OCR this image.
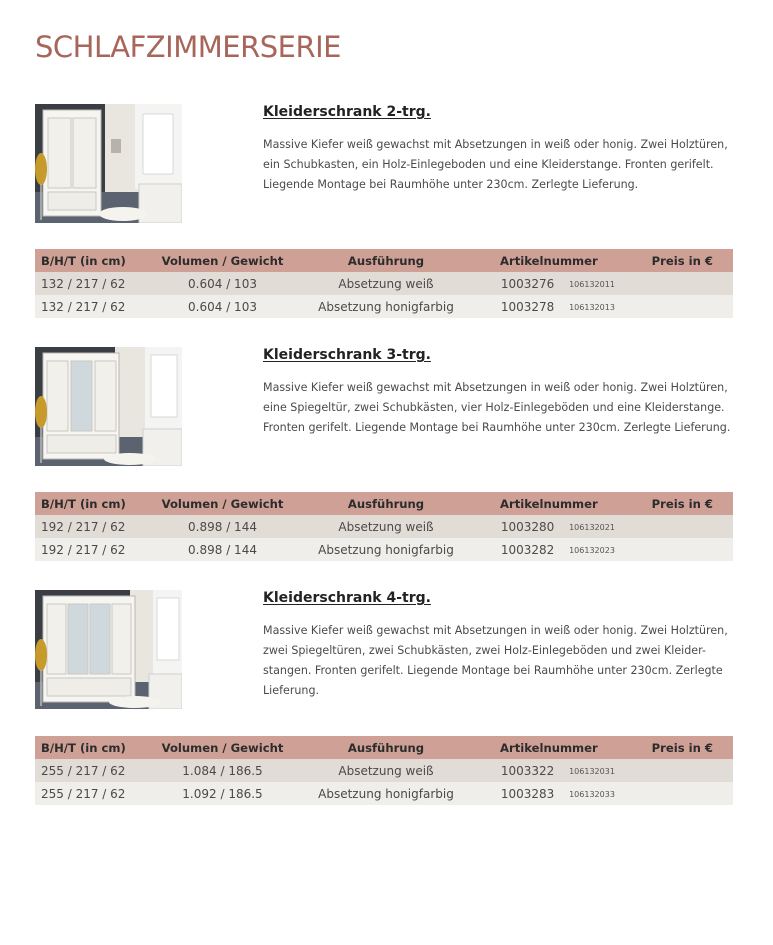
SCHLAFZIMMERSERIE
Kleiderschrank 2-trg.

Massive Kiefer weiß gewachst mit Absetzungen in weiß oder honig. Zwei Holztüren, ein Schubkasten, ein Holz-Einlegeboden und eine Kleiderstange. Fronten gerifelt. Liegende Montage bei Raumhöhe unter 230cm. Zerlegte Lieferung.

B/H/T (in cm)	Volumen / Gewicht	Ausführung	Artikelnummer	Preis in €
132 / 217 / 62	0.604 / 103	Absetzung weiß	1003276 106132011	
132 / 217 / 62	0.604 / 103	Absetzung honigfarbig	1003278 106132013	
Kleiderschrank 3-trg.

Massive Kiefer weiß gewachst mit Absetzungen in weiß oder honig. Zwei Holztüren, eine Spiegeltür, zwei Schubkästen, vier Holz-Einlegeböden und eine Kleiderstange. Fronten gerifelt. Liegende Montage bei Raumhöhe unter 230cm. Zerlegte Lieferung.

B/H/T (in cm)	Volumen / Gewicht	Ausführung	Artikelnummer	Preis in €
192 / 217 / 62	0.898 / 144	Absetzung weiß	1003280 106132021	
192 / 217 / 62	0.898 / 144	Absetzung honigfarbig	1003282 106132023	
Kleiderschrank 4-trg.

Massive Kiefer weiß gewachst mit Absetzungen in weiß oder honig. Zwei Holztüren, zwei Spiegeltüren, zwei Schubkästen, zwei Holz-Einlegeböden und zwei Kleider-stangen. Fronten gerifelt. Liegende Montage bei Raumhöhe unter 230cm. Zerlegte Lieferung.

B/H/T (in cm)	Volumen / Gewicht	Ausführung	Artikelnummer	Preis in €
255 / 217 / 62	1.084 / 186.5	Absetzung weiß	1003322 106132031	
255 / 217 / 62	1.092 / 186.5	Absetzung honigfarbig	1003283 106132033	
